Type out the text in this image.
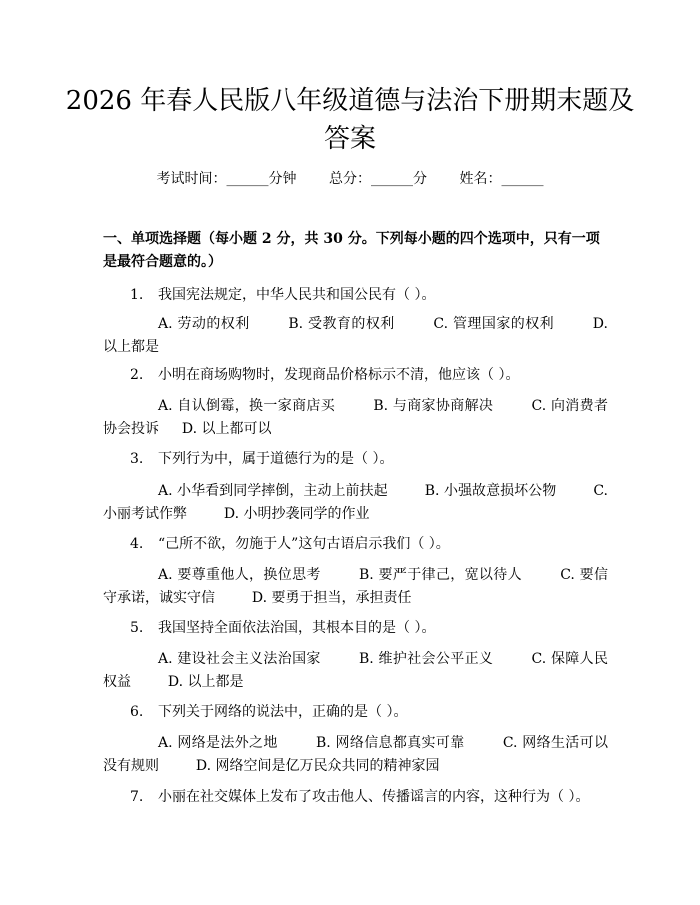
2026 年春人民版八年级道德与法治下册期末题及答案
考试时间：______分钟 总分：______分 姓名：______

一、单项选择题（每小题 2 分，共 30 分。下列每小题的四个选项中，只有一项是最符合题意的。）

1. 我国宪法规定，中华人民共和国公民有（ ）。

A. 劳动的权利 　 　B. 受教育的权利 　 　C. 管理国家的权利 　 　D. 以上都是

2. 小明在商场购物时，发现商品价格标示不清，他应该（ ）。

A. 自认倒霉，换一家商店买 　 　B. 与商家协商解决 　 　C. 向消费者协会投诉 　 D. 以上都可以

3. 下列行为中，属于道德行为的是（ ）。

A. 小华看到同学摔倒，主动上前扶起 　 　B. 小强故意损坏公物 　 　C. 小丽考试作弊 　 　D. 小明抄袭同学的作业

4. “己所不欲，勿施于人”这句古语启示我们（ ）。

A. 要尊重他人，换位思考 　 　B. 要严于律己，宽以待人 　 　C. 要信守承诺，诚实守信 　 　D. 要勇于担当，承担责任

5. 我国坚持全面依法治国，其根本目的是（ ）。

A. 建设社会主义法治国家 　 　B. 维护社会公平正义 　 　C. 保障人民权益 　 　D. 以上都是

6. 下列关于网络的说法中，正确的是（ ）。

A. 网络是法外之地 　 　B. 网络信息都真实可靠 　 　C. 网络生活可以没有规则 　 　D. 网络空间是亿万民众共同的精神家园

7. 小丽在社交媒体上发布了攻击他人、传播谣言的内容，这种行为（ ）。
